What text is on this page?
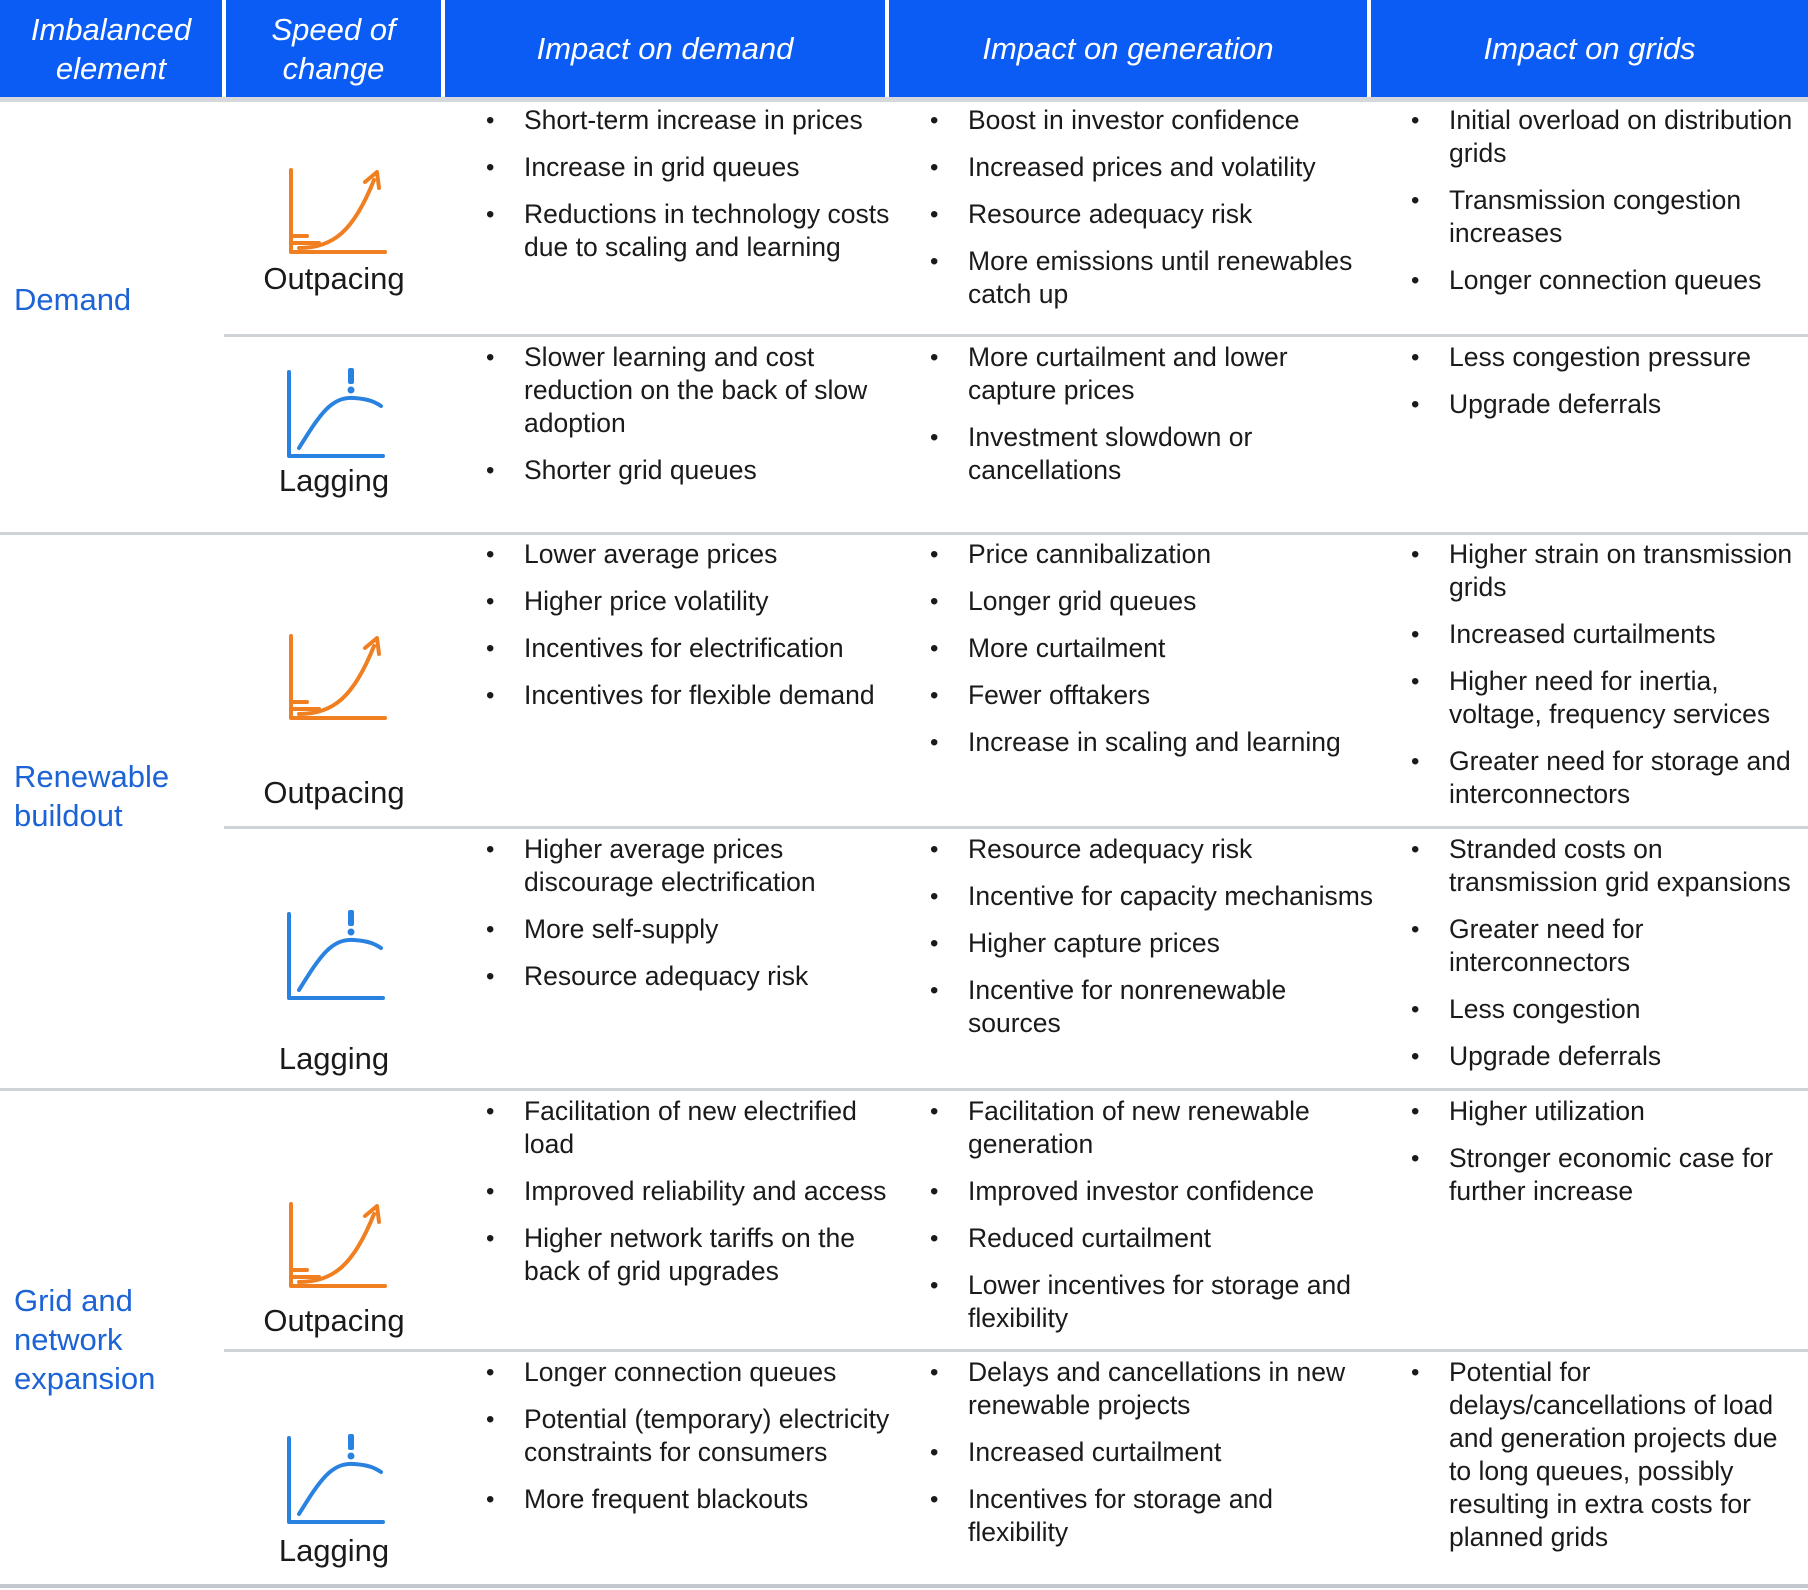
Imbalanced
element
Speed of
change
Impact on demand	Impact on generation	Impact on grids
Demand
Outpacing
• Short-term increase in prices
• Increase in grid queues
• Reductions in technology costs due to scaling and learning
• Boost in investor confidence
• Increased prices and volatility
• Resource adequacy risk
• More emissions until renewables catch up
• Initial overload on distribution grids
• Transmission congestion increases
• Longer connection queues
Lagging
• Slower learning and cost reduction on the back of slow adoption
• Shorter grid queues
• More curtailment and lower capture prices
• Investment slowdown or cancellations
• Less congestion pressure
• Upgrade deferrals
Renewable
buildout
Outpacing
• Lower average prices
• Higher price volatility
• Incentives for electrification
• Incentives for flexible demand
• Price cannibalization
• Longer grid queues
• More curtailment
• Fewer offtakers
• Increase in scaling and learning
• Higher strain on transmission grids
• Increased curtailments
• Higher need for inertia, voltage, frequency services
• Greater need for storage and interconnectors
Lagging
• Higher average prices discourage electrification
• More self-supply
• Resource adequacy risk
• Resource adequacy risk
• Incentive for capacity mechanisms
• Higher capture prices
• Incentive for nonrenewable sources
• Stranded costs on transmission grid expansions
• Greater need for interconnectors
• Less congestion
• Upgrade deferrals
Grid and
network
expansion
Outpacing
• Facilitation of new electrified load
• Improved reliability and access
• Higher network tariffs on the back of grid upgrades
• Facilitation of new renewable generation
• Improved investor confidence
• Reduced curtailment
• Lower incentives for storage and flexibility
• Higher utilization
• Stronger economic case for further increase
Lagging
• Longer connection queues
• Potential (temporary) electricity constraints for consumers
• More frequent blackouts
• Delays and cancellations in new renewable projects
• Increased curtailment
• Incentives for storage and flexibility
• Potential for delays/cancellations of load and generation projects due to long queues, possibly resulting in extra costs for planned grids
